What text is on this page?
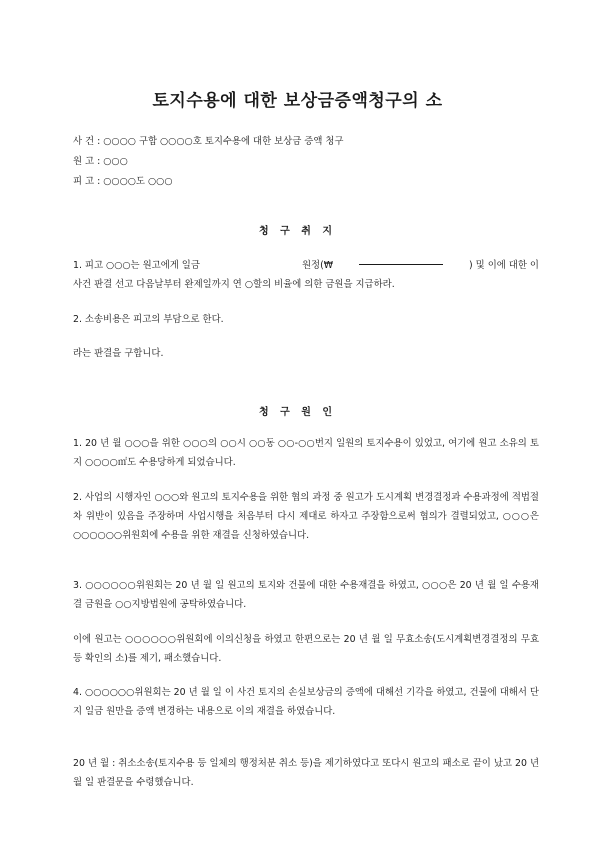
토지수용에 대한 보상금증액청구의 소
사 건 : ○○○○ 구합 ○○○○호 토지수용에 대한 보상금 증액 청구
원 고 : ○○○
피 고 : ○○○○도 ○○○
청 구 취 지
1. 피고 ○○○는 원고에게 일금	원정(₩	) 및 이에 대한 이
사건 판결 선고 다음날부터 완제일까지 연 ○할의 비율에 의한 금원을 지급하라.
2. 소송비용은 피고의 부담으로 한다.
라는 판결을 구합니다.
청 구 원 인
1. 20 년 월 ○○○을 위한 ○○○의 ○○시 ○○동 ○○-○○번지 일원의 토지수용이 있었고, 여기에 원고 소유의 토지 ○○○○㎡도 수용당하게 되었습니다.
2. 사업의 시행자인 ○○○와 원고의 토지수용을 위한 협의 과정 중 원고가 도시계획 변경결정과 수용과정에 적법절차 위반이 있음을 주장하며 사업시행을 처음부터 다시 제대로 하자고 주장함으로써 협의가 결렬되었고, ○○○은 ○○○○○○위원회에 수용을 위한 재결을 신청하였습니다.
3. ○○○○○○위원회는 20 년 월 일 원고의 토지와 건물에 대한 수용재결을 하였고, ○○○은 20 년 월 일 수용재결 금원을 ○○지방법원에 공탁하였습니다.
이에 원고는 ○○○○○○위원회에 이의신청을 하였고 한편으로는 20 년 월 일 무효소송(도시계획변경결정의 무효 등 확인의 소)를 제기, 패소했습니다.
4. ○○○○○○위원회는 20 년 월 일 이 사건 토지의 손실보상금의 증액에 대해선 기각을 하였고, 건물에 대해서 단지 일금 원만을 증액 변경하는 내용으로 이의 재결을 하였습니다.
20 년 월 : 취소소송(토지수용 등 일체의 행정처분 취소 등)을 제기하였다고 또다시 원고의 패소로 끝이 났고 20 년 월 일 판결문을 수령했습니다.
